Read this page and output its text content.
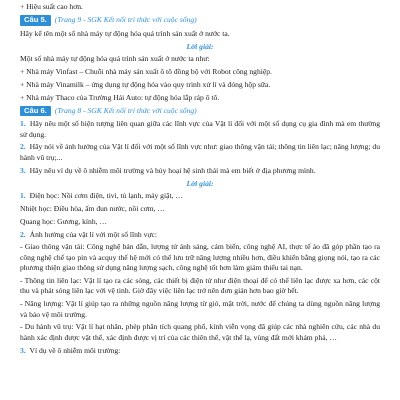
+ Hiệu suất cao hơn.

Câu 5. (Trang 9 - SGK Kết nối tri thức với cuộc sống)

Hãy kể tên một số nhà máy tự động hóa quá trình sản xuất ở nước ta.

Lời giải:

Một số nhà máy tự động hóa quá trình sản xuất ở nước ta như:

+ Nhà máy Vinfast – Chuỗi nhà máy sản xuất ô tô đồng bộ với Robot công nghiệp.

+ Nhà máy Vinamilk – ứng dụng tự động hóa vào quy trình xử lí và đóng hộp sữa.

+ Nhà máy Thaco của Trường Hải Auto: tự động hóa lắp ráp ô tô.

Câu 6. (Trang 8 - SGK Kết nối tri thức với cuộc sống)

1. Hãy nêu một số hiện tượng liên quan giữa các lĩnh vực của Vật lí đối với một số dụng cụ gia đình mà em thường sử dụng.

2. Hãy nói về ảnh hưởng của Vật lí đối với một số lĩnh vực như: giao thông vận tải; thông tin liên lạc; năng lượng; du hành vũ trụ;...

3. Hãy nêu ví dụ về ô nhiễm môi trường và hủy hoại hệ sinh thái mà em biết ở địa phương mình.

Lời giải:

1. Điện học: Nồi cơm điện, tivi, tủ lạnh, máy giặt, …

Nhiệt học: Điều hòa, ấm đun nước, nồi cơm, …

Quang học: Gương, kính, …

2. Ảnh hưởng của vật lí với một số lĩnh vực:

- Giao thông vận tải: Công nghệ bán dẫn, lượng tử ánh sáng, cảm biến, công nghệ AI, thực tế ảo đã góp phần tạo ra công nghệ chế tạo pin và acquy thế hệ mới có thể lưu trữ năng lượng nhiều hơn, điều khiển bằng giọng nói, tạo ra các phương thiện giao thông sử dụng năng lượng sạch, công nghệ tốt hơn làm giảm thiểu tai nạn.

- Thông tin liên lạc: Vật lí tạo ra các sóng, các thiết bị điện tử như điện thoại để có thể liên lạc được xa hơn, các cột thu và phát sóng liên lạc với vệ tinh. Giờ đây việc liên lạc trở nên đơn giản hơn bao giờ hết.

- Năng lượng: Vật lí giúp tạo ra những nguồn năng lượng từ gió, mặt trời, nước để chúng ta dùng nguồn năng lượng và bảo vệ môi trường.

- Du hành vũ trụ: Vật lí hạt nhân, phép phân tích quang phổ, kính viễn vọng đã giúp các nhà nghiên cứu, các nhà du hành xác định được vật thể, xác định được vị trí của các thiên thể, vật thể lạ, vùng đất mới khám phá, …

3. Ví dụ về ô nhiễm môi trường:
